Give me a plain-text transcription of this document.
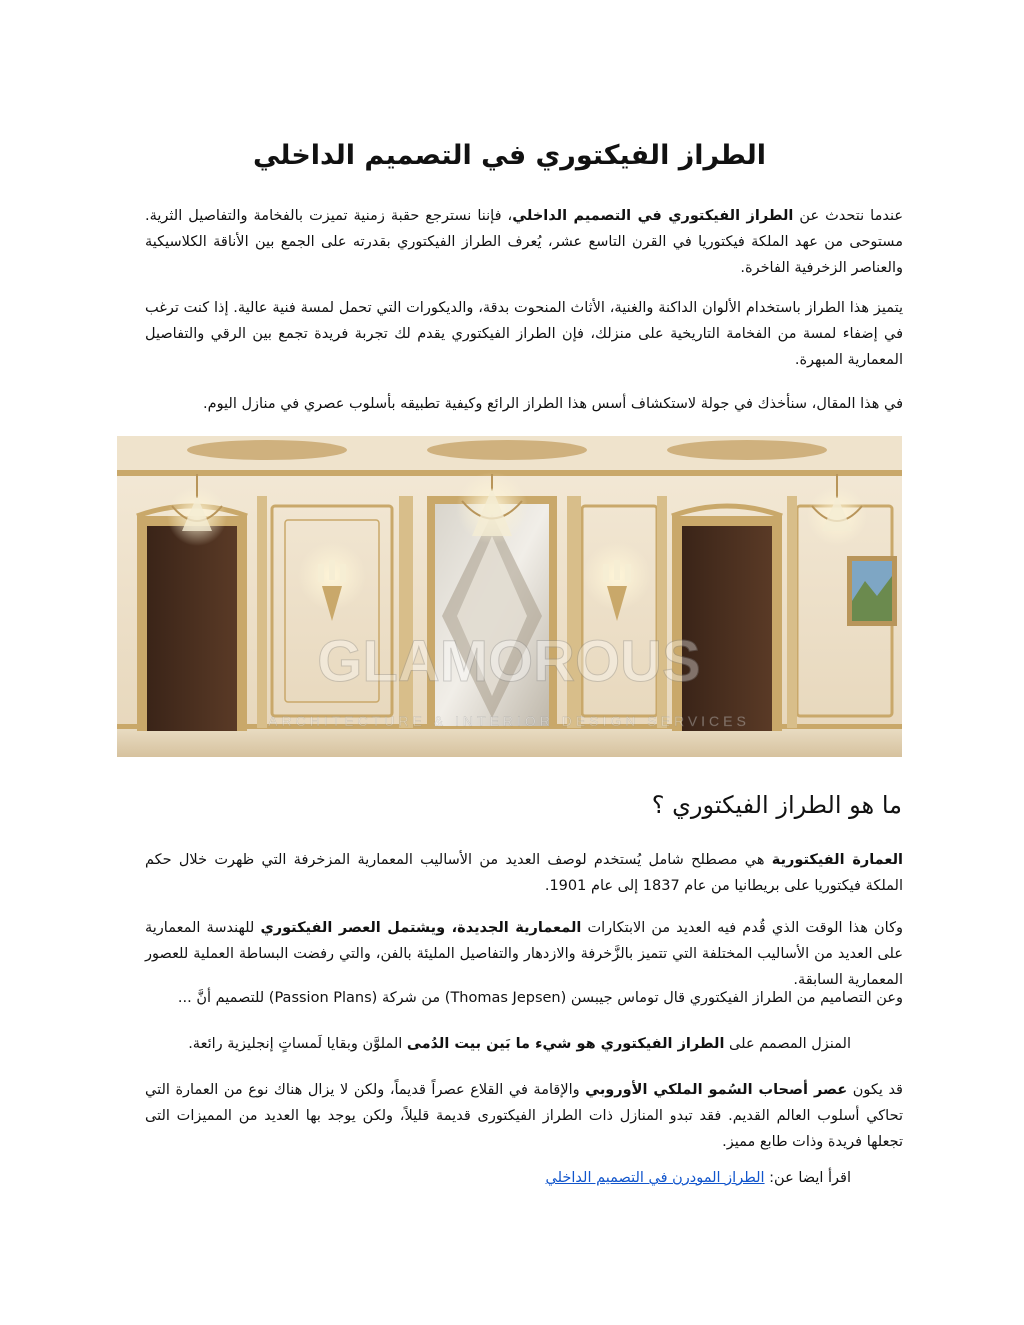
الطراز الفيكتوري في التصميم الداخلي

عندما نتحدث عن الطراز الفيكتوري في التصميم الداخلي، فإننا نسترجع حقبة زمنية تميزت بالفخامة والتفاصيل الثرية. مستوحى من عهد الملكة فيكتوريا في القرن التاسع عشر، يُعرف الطراز الفيكتوري بقدرته على الجمع بين الأناقة الكلاسيكية والعناصر الزخرفية الفاخرة.

يتميز هذا الطراز باستخدام الألوان الداكنة والغنية، الأثاث المنحوت بدقة، والديكورات التي تحمل لمسة فنية عالية. إذا كنت ترغب في إضفاء لمسة من الفخامة التاريخية على منزلك، فإن الطراز الفيكتوري يقدم لك تجربة فريدة تجمع بين الرقي والتفاصيل المعمارية المبهرة.

في هذا المقال، سنأخذك في جولة لاستكشاف أسس هذا الطراز الرائع وكيفية تطبيقه بأسلوب عصري في منازل اليوم.

GLAMOROUS
ARCHITECTURE & INTERIOR DESIGN SERVICES
ما هو الطراز الفيكتوري ؟

العمارة الفيكتورية هي مصطلح شامل يُستخدم لوصف العديد من الأساليب المعمارية المزخرفة التي ظهرت خلال حكم الملكة فيكتوريا على بريطانيا من عام 1837 إلى عام 1901.

وكان هذا الوقت الذي قُدم فيه العديد من الابتكارات المعمارية الجديدة، ويشتمل العصر الفيكتوري للهندسة المعمارية على العديد من الأساليب المختلفة التي تتميز بالزَّخرفة والازدهار والتفاصيل المليئة بالفن، والتي رفضت البساطة العملية للعصور المعمارية السابقة.

وعن التصاميم من الطراز الفيكتوري قال توماس جيبسن (Thomas Jepsen) من شركة (Passion Plans) للتصميم أنَّ ...

المنزل المصمم على الطراز الفيكتوري هو شيء ما بَين بيت الدُمى الملوَّن وبقايا لَمساتٍ إنجليزية رائعة.

قد يكون عصر أصحاب السُمو الملكي الأوروبي والإقامة في القلاع عصراً قديماً، ولكن لا يزال هناك نوع من العمارة التي تحاكي أسلوب العالم القديم. فقد تبدو المنازل ذات الطراز الفيكتورى قديمة قليلاً، ولكن يوجد بها العديد من المميزات التى تجعلها فريدة وذات طابع مميز.

اقرأ ايضا عن: الطراز المودرن في التصميم الداخلي
